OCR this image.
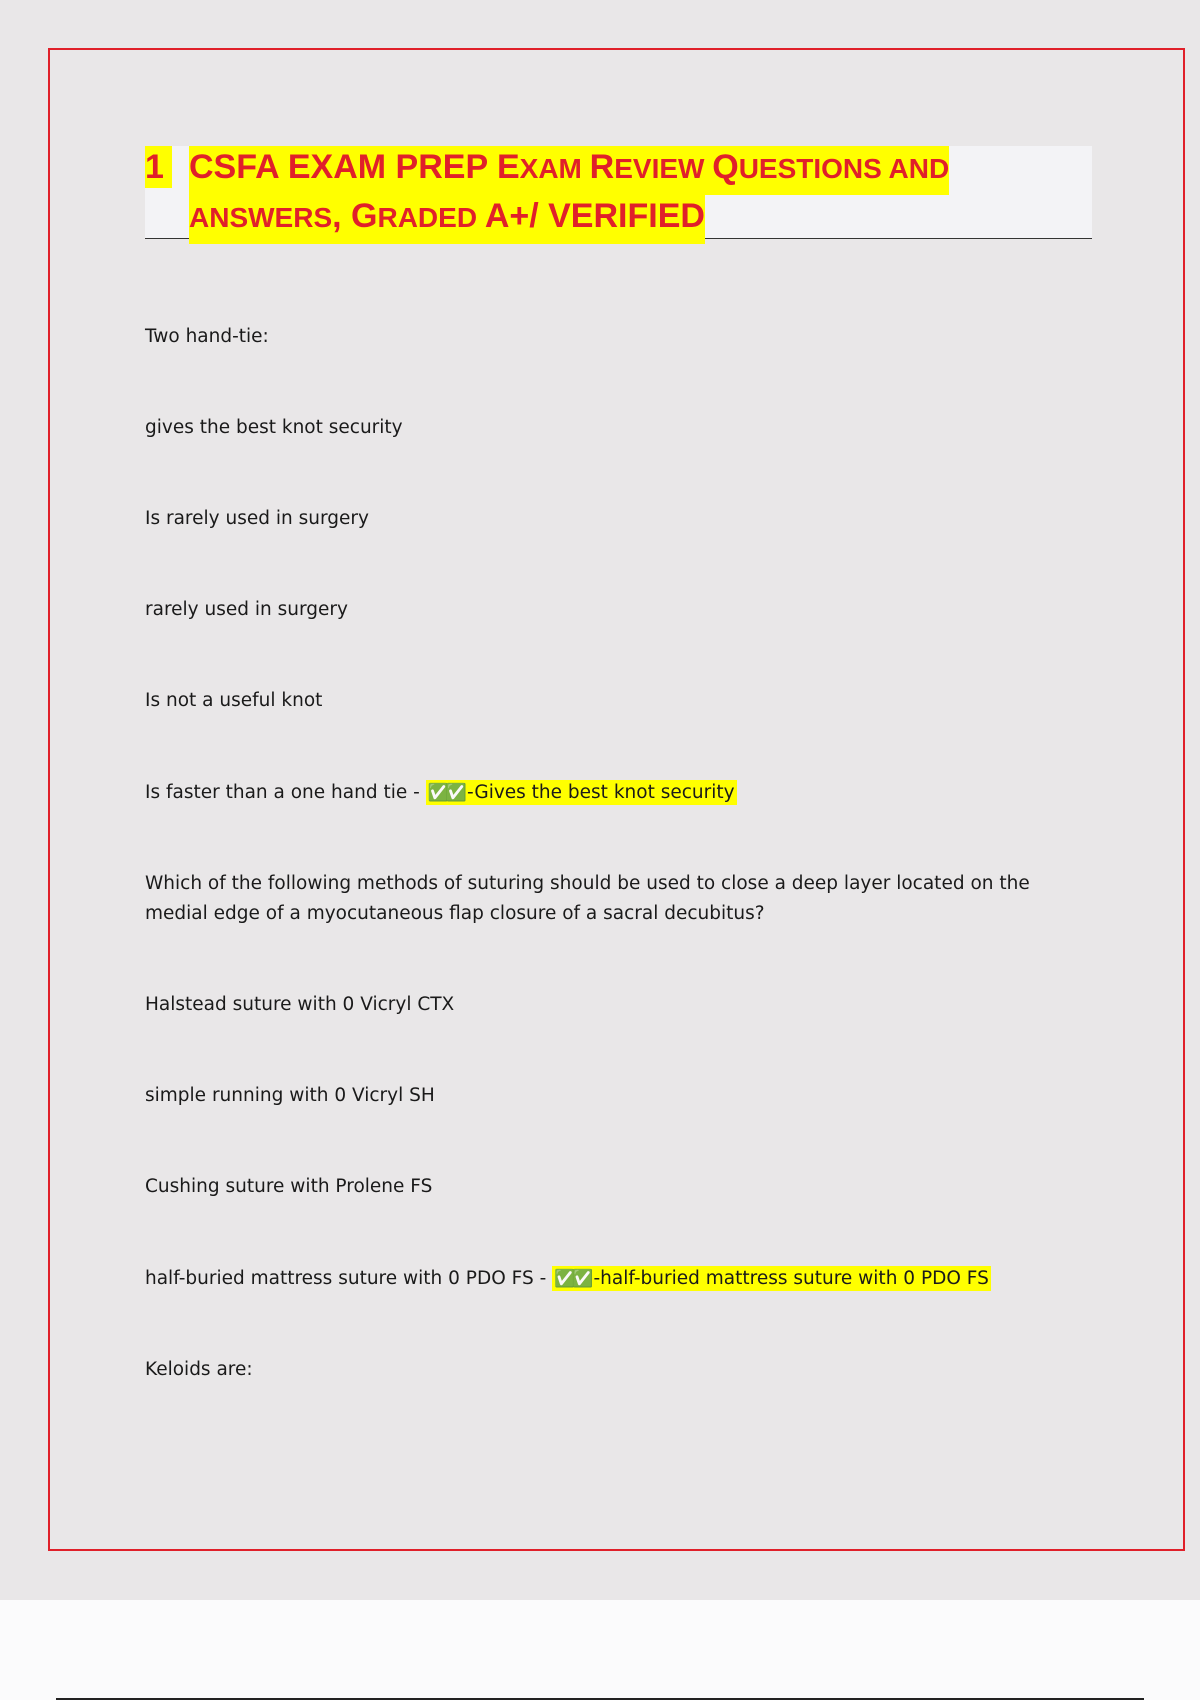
1 CSFA EXAM PREP EXAM REVIEW QUESTIONS AND
ANSWERS, GRADED A+/ VERIFIED
Two hand-tie:
gives the best knot security
Is rarely used in surgery
rarely used in surgery
Is not a useful knot
Is faster than a one hand tie - ✅✅ -Gives the best knot security
Which of the following methods of suturing should be used to close a deep layer located on the medial edge of a myocutaneous flap closure of a sacral decubitus?
Halstead suture with 0 Vicryl CTX
simple running with 0 Vicryl SH
Cushing suture with Prolene FS
half-buried mattress suture with 0 PDO FS - ✅✅ -half-buried mattress suture with 0 PDO FS
Keloids are:
